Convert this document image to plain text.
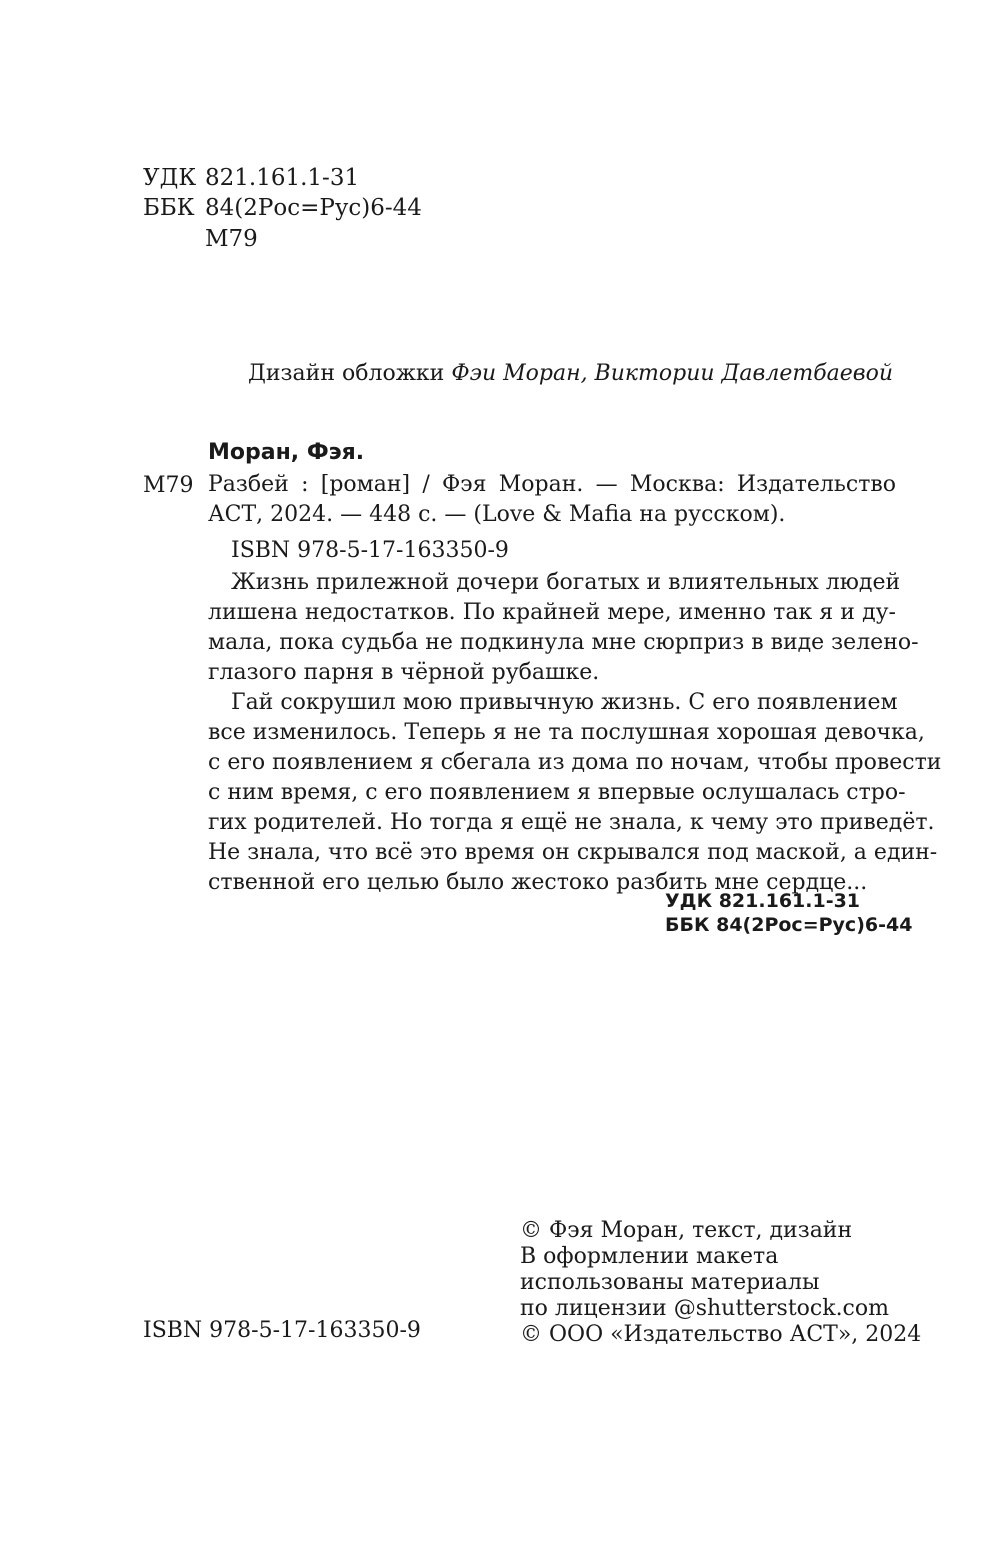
УДК 821.161.1-31
ББК 84(2Рос=Рус)6-44
М79
Дизайн обложки Фэи Моран, Виктории Давлетбаевой
Моран, Фэя.
М79 Разбей : [роман] / Фэя Моран. — Москва: Издательство
АСТ, 2024. — 448 с. — (Love & Mafia на русском).
ISBN 978-5-17-163350-9
Жизнь прилежной дочери богатых и влиятельных людей
лишена недостатков. По крайней мере, именно так я и ду-
мала, пока судьба не подкинула мне сюрприз в виде зелено-
глазого парня в чёрной рубашке.
Гай сокрушил мою привычную жизнь. С его появлением
все изменилось. Теперь я не та послушная хорошая девочка,
с его появлением я сбегала из дома по ночам, чтобы провести
с ним время, с его появлением я впервые ослушалась стро-
гих родителей. Но тогда я ещё не знала, к чему это приведёт.
Не знала, что всё это время он скрывался под маской, а един-
ственной его целью было жестоко разбить мне сердце...
УДК 821.161.1-31
ББК 84(2Рос=Рус)6-44
© Фэя Моран, текст, дизайн
В оформлении макета
использованы материалы
по лицензии @shutterstock.com
© ООО «Издательство АСТ», 2024
ISBN 978-5-17-163350-9
